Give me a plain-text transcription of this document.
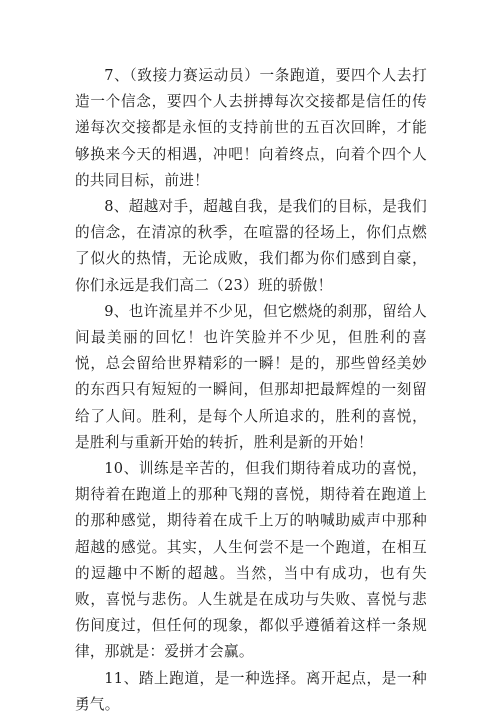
7、（致接力赛运动员）一条跑道，要四个人去打造一个信念，要四个人去拼搏每次交接都是信任的传递每次交接都是永恒的支持前世的五百次回眸，才能够换来今天的相遇，冲吧！向着终点，向着个四个人的共同目标，前进！

8、超越对手，超越自我，是我们的目标，是我们的信念，在清凉的秋季，在喧嚣的径场上，你们点燃了似火的热情，无论成败，我们都为你们感到自豪，你们永远是我们高二（23）班的骄傲！

9、也许流星并不少见，但它燃烧的刹那，留给人间最美丽的回忆！也许笑脸并不少见，但胜利的喜悦，总会留给世界精彩的一瞬！是的，那些曾经美妙的东西只有短短的一瞬间，但那却把最辉煌的一刻留给了人间。胜利，是每个人所追求的，胜利的喜悦，是胜利与重新开始的转折，胜利是新的开始！

10、训练是辛苦的，但我们期待着成功的喜悦，期待着在跑道上的那种飞翔的喜悦，期待着在跑道上的那种感觉，期待着在成千上万的呐喊助威声中那种超越的感觉。其实，人生何尝不是一个跑道，在相互的逗趣中不断的超越。当然，当中有成功，也有失败，喜悦与悲伤。人生就是在成功与失败、喜悦与悲伤间度过，但任何的现象，都似乎遵循着这样一条规律，那就是：爱拼才会赢。

11、踏上跑道，是一种选择。离开起点，是一种勇气。
